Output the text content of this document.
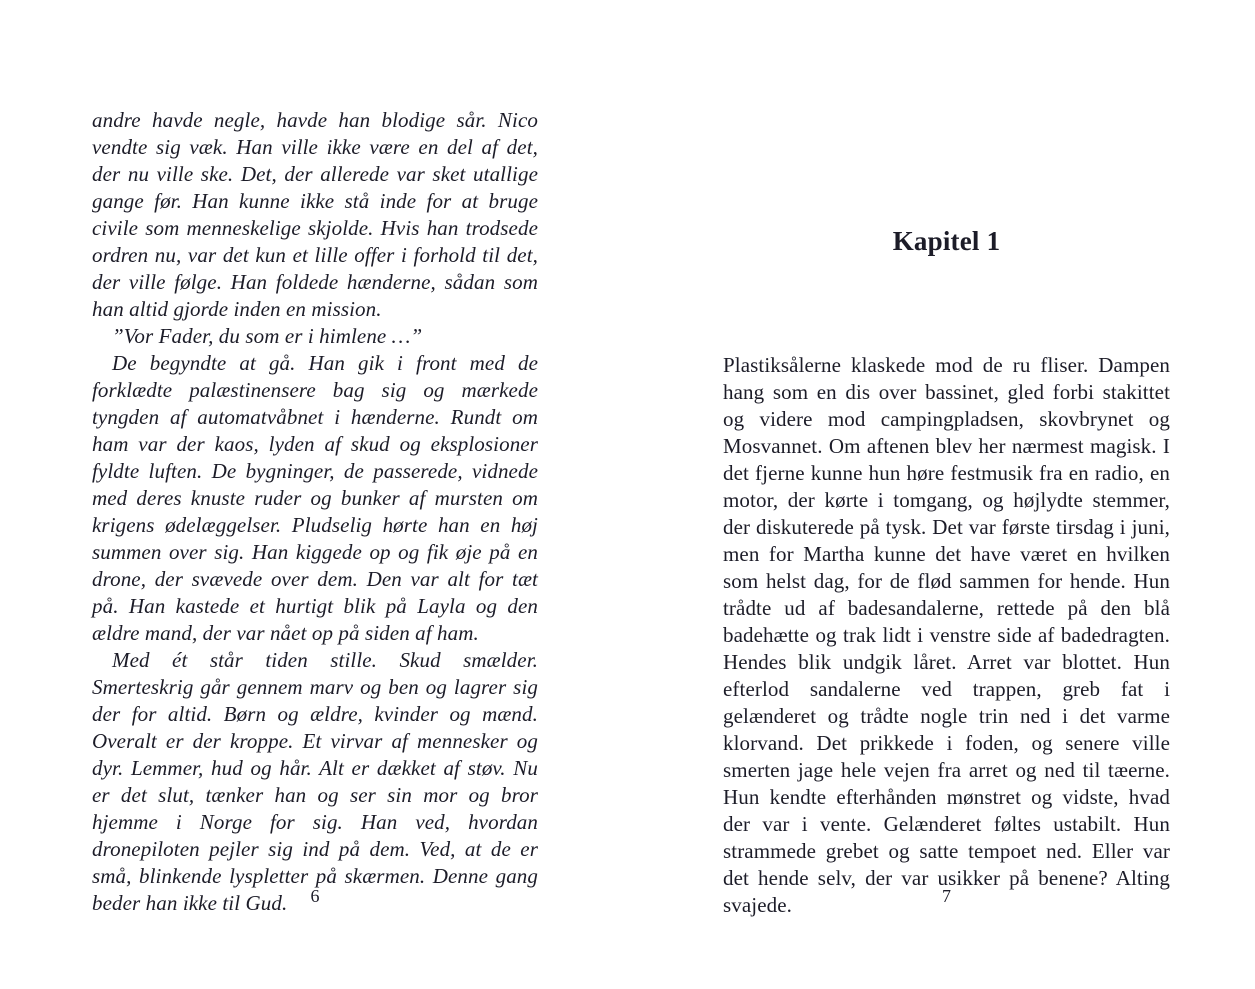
andre havde negle, havde han blodige sår. Nico vendte sig væk. Han ville ikke være en del af det, der nu ville ske. Det, der allerede var sket utallige gange før. Han kunne ikke stå inde for at bruge civile som menneskelige skjolde. Hvis han trodsede ordren nu, var det kun et lille offer i forhold til det, der ville følge. Han foldede hænderne, sådan som han altid gjorde inden en mission.

”Vor Fader, du som er i himlene …”

De begyndte at gå. Han gik i front med de forklædte palæstinensere bag sig og mærkede tyngden af automatvåbnet i hænderne. Rundt om ham var der kaos, lyden af skud og eksplosioner fyldte luften. De bygninger, de passerede, vidnede med deres knuste ruder og bunker af mursten om krigens ødelæggelser. Pludselig hørte han en høj summen over sig. Han kiggede op og fik øje på en drone, der svævede over dem. Den var alt for tæt på. Han kastede et hurtigt blik på Layla og den ældre mand, der var nået op på siden af ham.

Med ét står tiden stille. Skud smælder. Smerteskrig går gennem marv og ben og lagrer sig der for altid. Børn og ældre, kvinder og mænd. Overalt er der kroppe. Et virvar af mennesker og dyr. Lemmer, hud og hår. Alt er dækket af støv. Nu er det slut, tænker han og ser sin mor og bror hjemme i Norge for sig. Han ved, hvordan dronepiloten pejler sig ind på dem. Ved, at de er små, blinkende lyspletter på skærmen. Denne gang beder han ikke til Gud.	6
Kapitel 1

Plastiksålerne klaskede mod de ru fliser. Dampen hang som en dis over bassinet, gled forbi stakittet og videre mod campingpladsen, skovbrynet og Mosvannet. Om aftenen blev her nærmest magisk. I det fjerne kunne hun høre festmusik fra en radio, en motor, der kørte i tomgang, og højlydte stemmer, der diskuterede på tysk. Det var første tirsdag i juni, men for Martha kunne det have været en hvilken som helst dag, for de flød sammen for hende. Hun trådte ud af badesandalerne, rettede på den blå badehætte og trak lidt i venstre side af badedragten. Hendes blik undgik låret. Arret var blottet. Hun efterlod sandalerne ved trappen, greb fat i gelænderet og trådte nogle trin ned i det varme klorvand. Det prikkede i foden, og senere ville smerten jage hele vejen fra arret og ned til tæerne. Hun kendte efterhånden mønstret og vidste, hvad der var i vente. Gelænderet føltes ustabilt. Hun strammede grebet og satte tempoet ned. Eller var det hende selv, der var usikker på benene? Alting svajede.	7
